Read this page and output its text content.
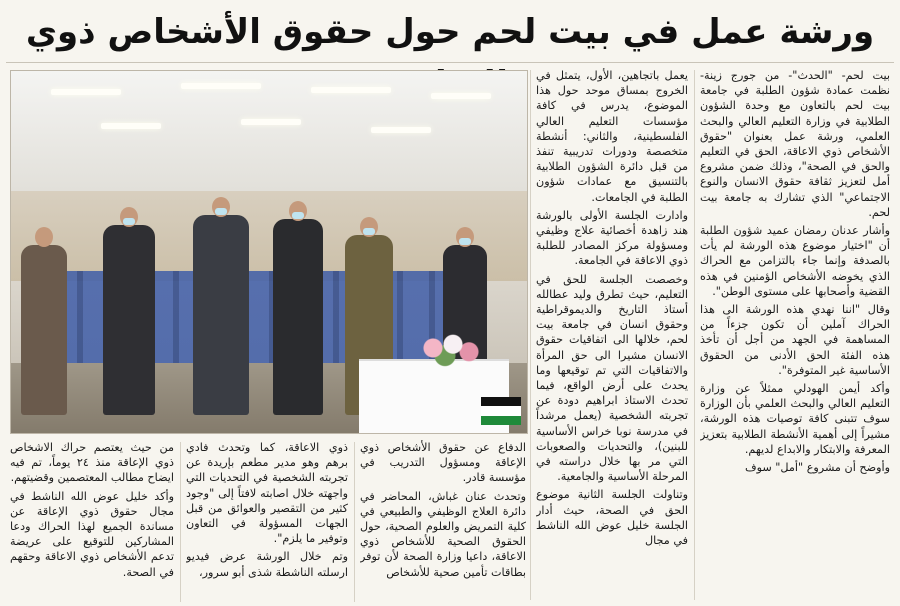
ورشة عمل في بيت لحم حول حقوق الأشخاص ذوي

بيت لحم- "الحدث"- من جورج زينة- نظمت عمادة شؤون الطلبة في جامعة بيت لحم بالتعاون مع وحدة الشؤون الطلابية في وزارة التعليم العالي والبحث العلمي، ورشة عمل بعنوان "حقوق الأشخاص ذوي الاعاقة، الحق في التعليم والحق في الصحة"، وذلك ضمن مشروع أمل لتعزيز ثقافة حقوق الانسان والنوع الاجتماعي" الذي تشارك به جامعة بيت لحم.

وأشار عدنان رمضان عميد شؤون الطلبة أن "اختيار موضوع هذه الورشة لم يأت بالصدفة وإنما جاء بالتزامن مع الحراك الذي يخوضه الأشخاص الؤمنين في هذه القضية وأصحابها على مستوى الوطن".

وقال "اننا نهدي هذه الورشة الى هذا الحراك آملين أن تكون جزءاً من المساهمة في الجهد من أجل أن تأخذ هذه الفئة الحق الأدنى من الحقوق الأساسية غير المتوفرة".

وأكد أيمن الهودلي ممثلاً عن وزارة التعليم العالي والبحث العلمي بأن الوزارة سوف تتبنى كافة توصيات هذه الورشة، مشيراً إلى أهمية الأنشطة الطلابية بتعزيز المعرفة والابتكار والابداع لديهم.

وأوضح أن مشروع "أمل" سوف

يعمل باتجاهين، الأول، يتمثل في الخروج بمساق موحد حول هذا الموضوع، يدرس في كافة مؤسسات التعليم العالي الفلسطينية، والثاني: أنشطة متخصصة ودورات تدريبية تنفذ من قبل دائرة الشؤون الطلابية بالتنسيق مع عمادات شؤون الطلبة في الجامعات.

وادارت الجلسة الأولى بالورشة هند زاهدة أخصائية علاج وظيفي ومسؤولة مركز المصادر للطلبة ذوي الاعاقة في الجامعة.

وخصصت الجلسة للحق في التعليم، حيث تطرق وليد عطالله أستاذ التاريخ والديموقراطية وحقوق انسان في جامعة بيت لحم، خلالها الى اتفاقيات حقوق الانسان مشيرا الى حق المرأة والاتفاقيات التي تم توقيعها وما يحدث على أرض الواقع، فيما تحدث الاستاذ ابراهيم دودة عن تجربته الشخصية (يعمل مرشداً في مدرسة نوبا خراس الأساسية للبنين)، والتحديات والصعوبات التي مر بها خلال دراسته في المرحلة الأساسية والجامعية.

وتناولت الجلسة الثانية موضوع الحق في الصحة، حيث أدار الجلسة خليل عوض الله الناشط في مجال

الدفاع عن حقوق الأشخاص ذوي الإعاقة ومسؤول التدريب في مؤسسة قادر.

وتحدث عنان غباش، المحاضر في دائرة العلاج الوظيفي والطبيعي في كلية التمريض والعلوم الصحية، حول الحقوق الصحية للأشخاص ذوي الاعاقة، داعيا وزارة الصحة لأن توفر بطاقات تأمين صحية للأشخاص

ذوي الاعاقة، كما وتحدث فادي برهم وهو مدير مطعم بإريدة عن تجربته الشخصية في التحديات التي واجهته خلال اصابته لافتاً إلى "وجود كثير من التقصير والعوائق من قبل الجهات المسؤولة في التعاون وتوفير ما يلزم".

وتم خلال الورشة عرض فيديو ارسلته الناشطة شذى أبو سرور،

من حيث يعتصم حراك الاشخاص ذوي الإعاقة منذ ٢٤ يوماً، تم فيه ايضاح مطالب المعتصمين وقضيتهم.

وأكد خليل عوض الله الناشط في مجال حقوق ذوي الإعاقة عن مساندة الجميع لهذا الحراك ودعا المشاركين للتوقيع على عريضة تدعم الأشخاص ذوي الاعاقة وحقهم في الصحة.
